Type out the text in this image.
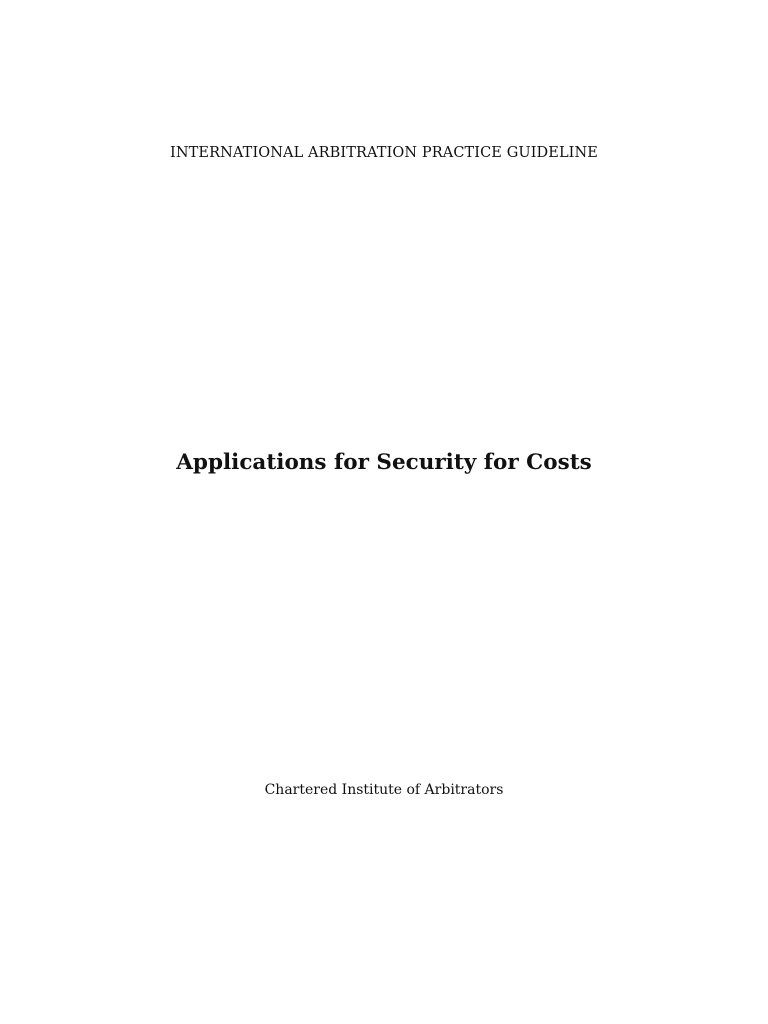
INTERNATIONAL ARBITRATION PRACTICE GUIDELINE
Applications for Security for Costs
Chartered Institute of Arbitrators
